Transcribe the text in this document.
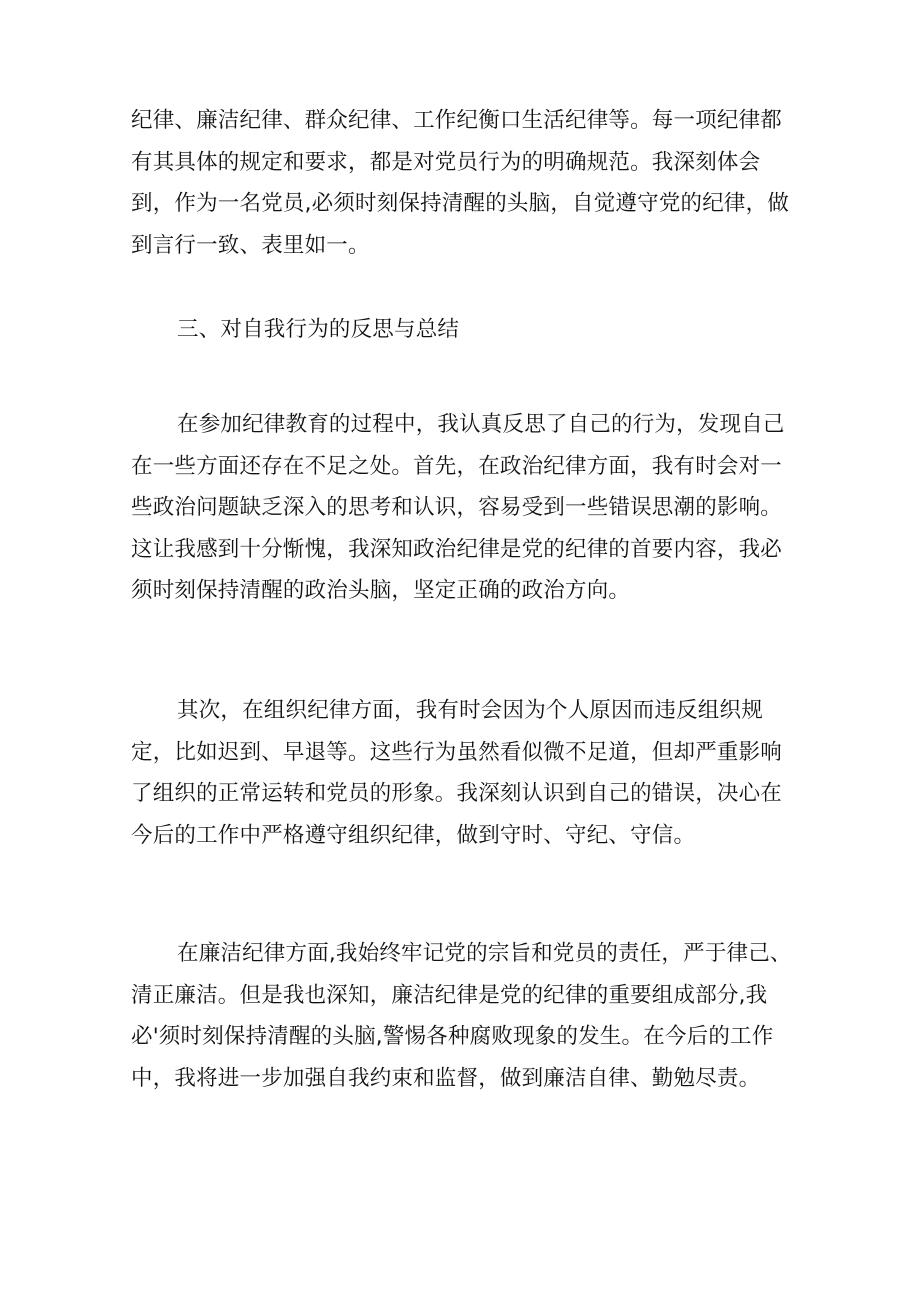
纪律、廉洁纪律、群众纪律、工作纪衡口生活纪律等。每一项纪律都有其具体的规定和要求，都是对党员行为的明确规范。我深刻体会到，作为一名党员,必须时刻保持清醒的头脑，自觉遵守党的纪律，做到言行一致、表里如一。

三、对自我行为的反思与总结

在参加纪律教育的过程中，我认真反思了自己的行为，发现自己在一些方面还存在不足之处。首先，在政治纪律方面，我有时会对一些政治问题缺乏深入的思考和认识，容易受到一些错误思潮的影响。这让我感到十分惭愧，我深知政治纪律是党的纪律的首要内容，我必须时刻保持清醒的政治头脑，坚定正确的政治方向。

其次，在组织纪律方面，我有时会因为个人原因而违反组织规定，比如迟到、早退等。这些行为虽然看似微不足道，但却严重影响了组织的正常运转和党员的形象。我深刻认识到自己的错误，决心在今后的工作中严格遵守组织纪律，做到守时、守纪、守信。

在廉洁纪律方面,我始终牢记党的宗旨和党员的责任，严于律己、清正廉洁。但是我也深知，廉洁纪律是党的纪律的重要组成部分,我必'须时刻保持清醒的头脑,警惕各种腐败现象的发生。在今后的工作中，我将进一步加强自我约束和监督，做到廉洁自律、勤勉尽责。
